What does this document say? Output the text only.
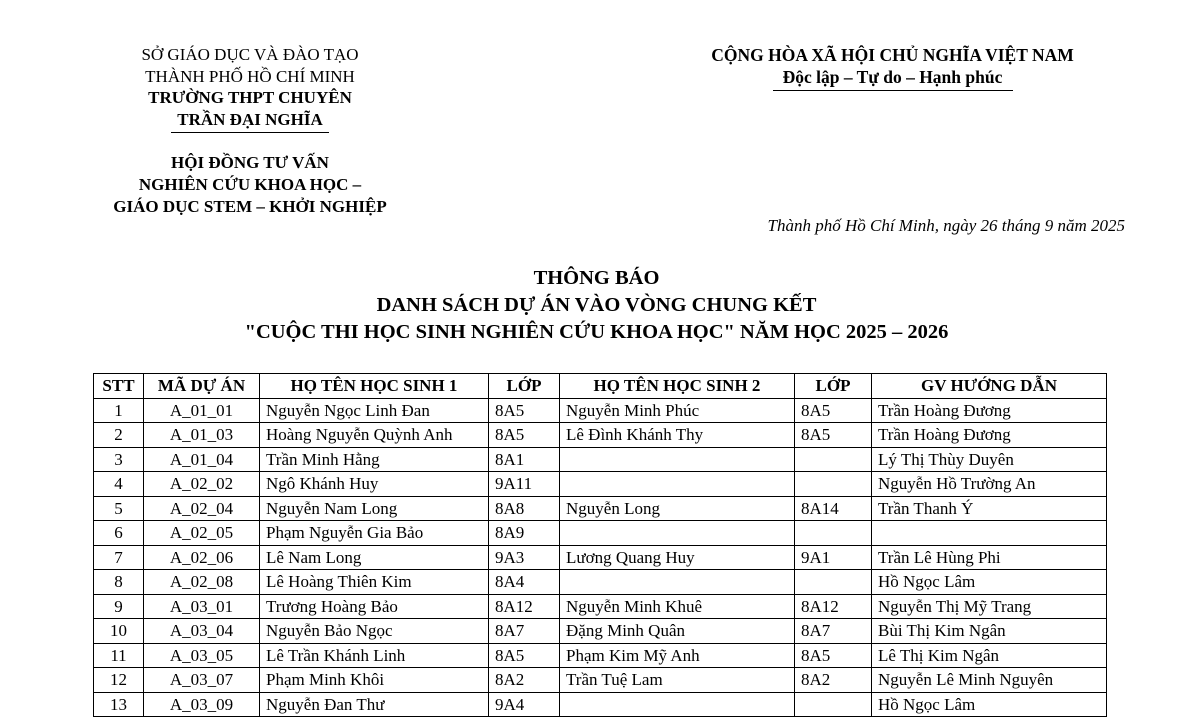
SỞ GIÁO DỤC VÀ ĐÀO TẠO
THÀNH PHỐ HỒ CHÍ MINH
TRƯỜNG THPT CHUYÊN
TRẦN ĐẠI NGHĨA
HỘI ĐỒNG TƯ VẤN
NGHIÊN CỨU KHOA HỌC –
GIÁO DỤC STEM – KHỞI NGHIỆP
CỘNG HÒA XÃ HỘI CHỦ NGHĨA VIỆT NAM
Độc lập – Tự do – Hạnh phúc
Thành phố Hồ Chí Minh, ngày 26 tháng 9 năm 2025
THÔNG BÁO
DANH SÁCH DỰ ÁN VÀO VÒNG CHUNG KẾT
"CUỘC THI HỌC SINH NGHIÊN CỨU KHOA HỌC" NĂM HỌC 2025 – 2026
STT	MÃ DỰ ÁN	HỌ TÊN HỌC SINH 1	LỚP	HỌ TÊN HỌC SINH 2	LỚP	GV HƯỚNG DẪN
1	A_01_01	Nguyễn Ngọc Linh Đan	8A5	Nguyễn Minh Phúc	8A5	Trần Hoàng Đương
2	A_01_03	Hoàng Nguyễn Quỳnh Anh	8A5	Lê Đình Khánh Thy	8A5	Trần Hoàng Đương
3	A_01_04	Trần Minh Hằng	8A1			Lý Thị Thùy Duyên
4	A_02_02	Ngô Khánh Huy	9A11			Nguyễn Hồ Trường An
5	A_02_04	Nguyễn Nam Long	8A8	Nguyễn Long	8A14	Trần Thanh Ý
6	A_02_05	Phạm Nguyễn Gia Bảo	8A9			
7	A_02_06	Lê Nam Long	9A3	Lương Quang Huy	9A1	Trần Lê Hùng Phi
8	A_02_08	Lê Hoàng Thiên Kim	8A4			Hồ Ngọc Lâm
9	A_03_01	Trương Hoàng Bảo	8A12	Nguyễn Minh Khuê	8A12	Nguyễn Thị Mỹ Trang
10	A_03_04	Nguyễn Bảo Ngọc	8A7	Đặng Minh Quân	8A7	Bùi Thị Kim Ngân
11	A_03_05	Lê Trần Khánh Linh	8A5	Phạm Kim Mỹ Anh	8A5	Lê Thị Kim Ngân
12	A_03_07	Phạm Minh Khôi	8A2	Trần Tuệ Lam	8A2	Nguyễn Lê Minh Nguyên
13	A_03_09	Nguyễn Đan Thư	9A4			Hồ Ngọc Lâm
